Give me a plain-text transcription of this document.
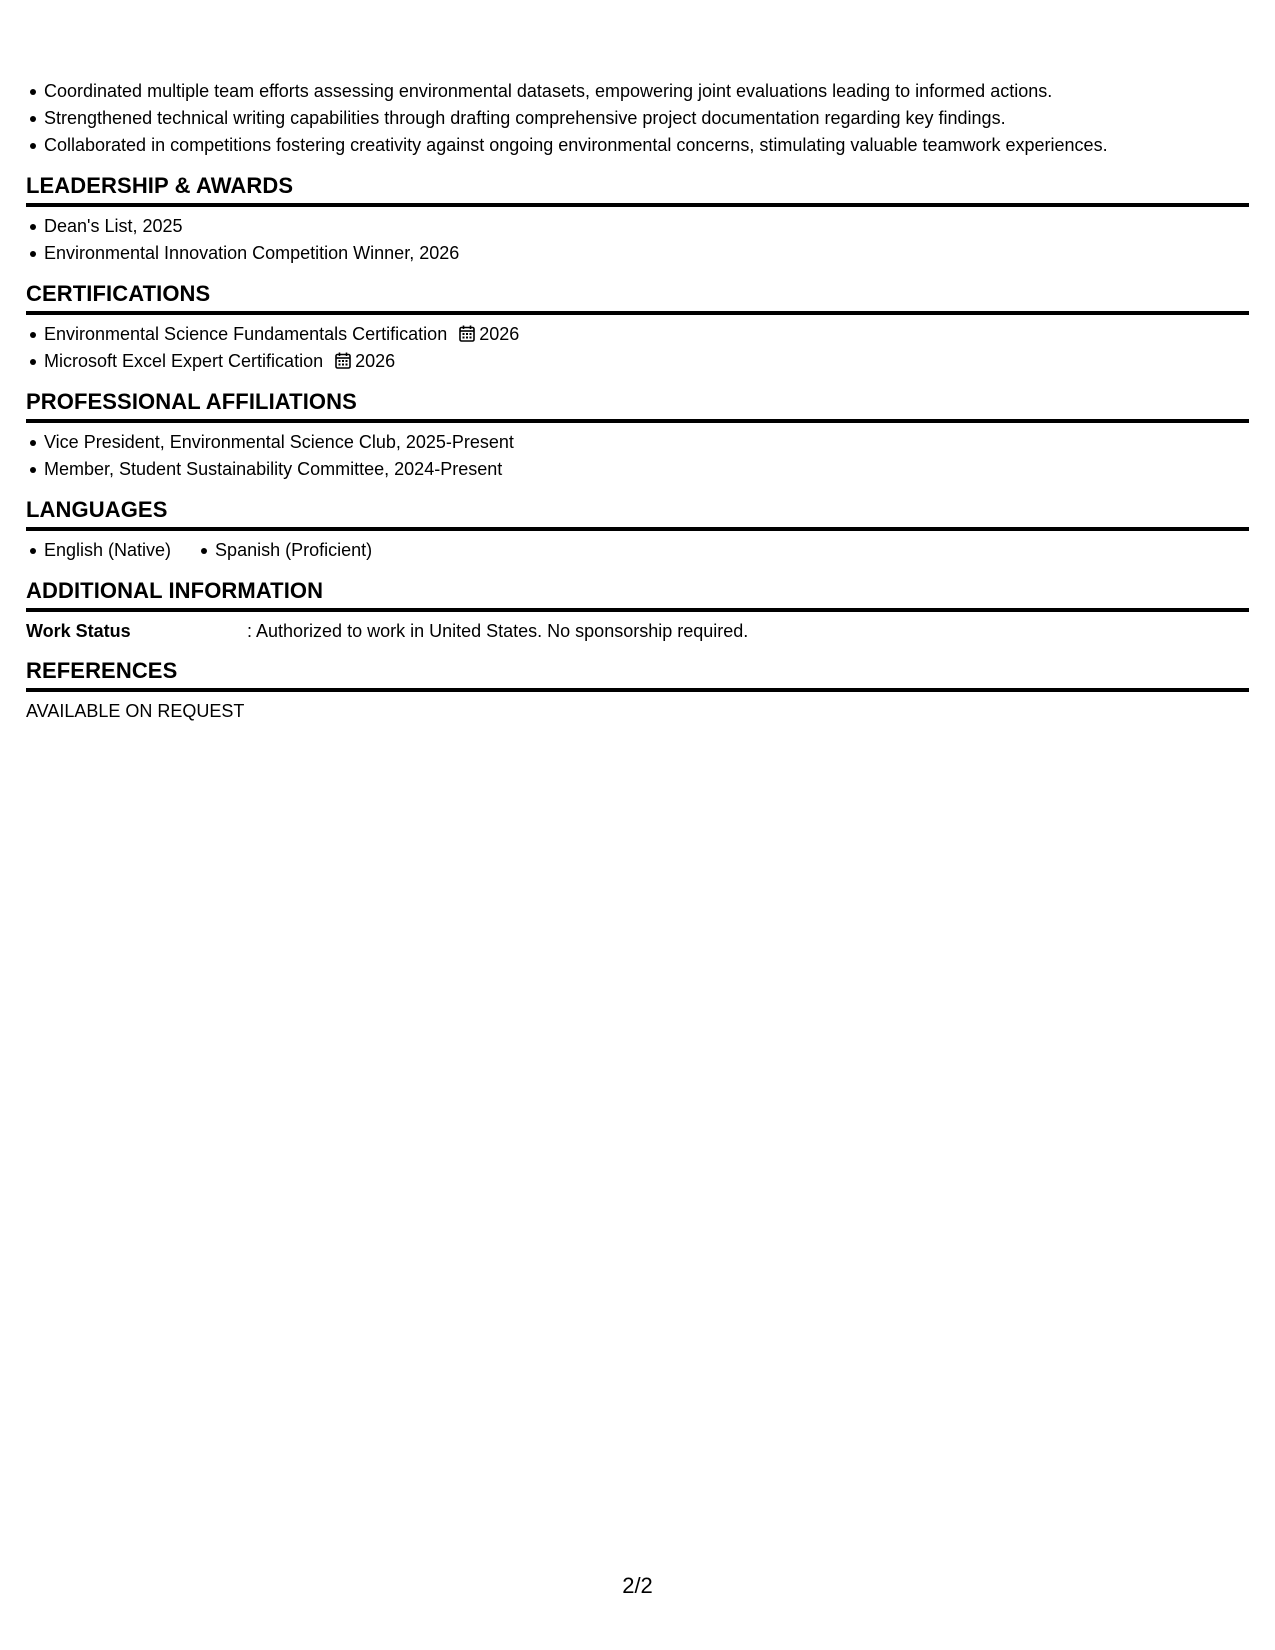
Coordinated multiple team efforts assessing environmental datasets, empowering joint evaluations leading to informed actions.
Strengthened technical writing capabilities through drafting comprehensive project documentation regarding key findings.
Collaborated in competitions fostering creativity against ongoing environmental concerns, stimulating valuable teamwork experiences.
LEADERSHIP & AWARDS
Dean's List, 2025
Environmental Innovation Competition Winner, 2026
CERTIFICATIONS
Environmental Science Fundamentals Certification 2026
Microsoft Excel Expert Certification 2026
PROFESSIONAL AFFILIATIONS
Vice President, Environmental Science Club, 2025-Present
Member, Student Sustainability Committee, 2024-Present
LANGUAGES
English (Native) Spanish (Proficient)
ADDITIONAL INFORMATION
Work Status	: Authorized to work in United States. No sponsorship required.
REFERENCES
AVAILABLE ON REQUEST
2/2
